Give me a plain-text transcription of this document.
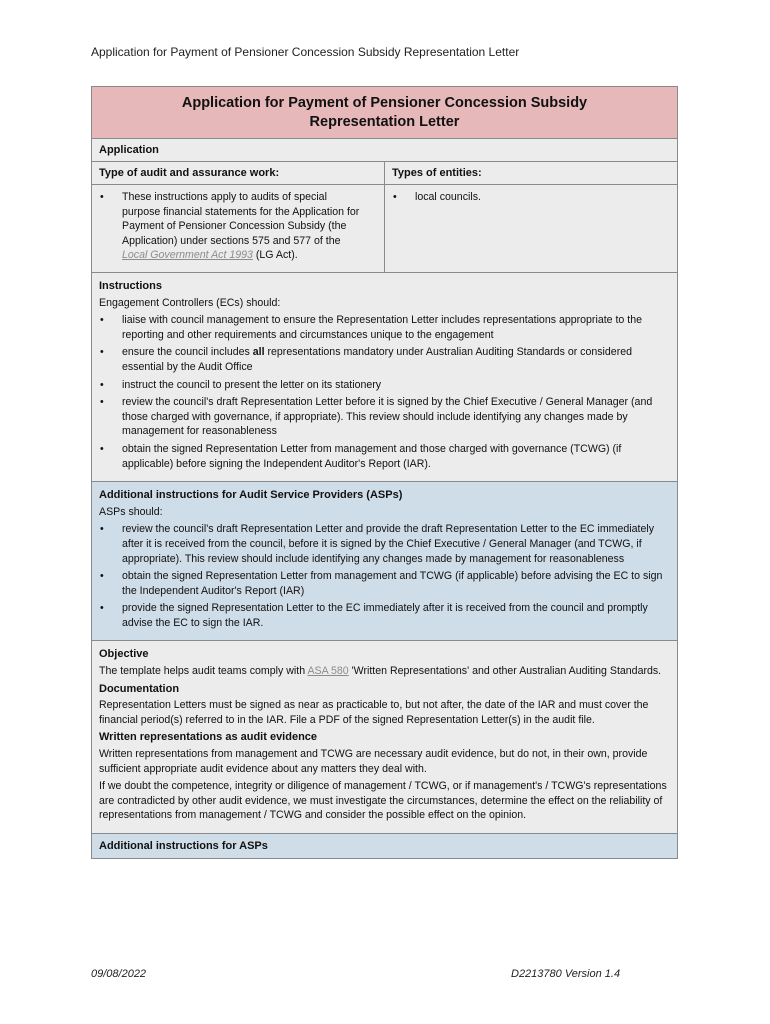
Application for Payment of Pensioner Concession Subsidy Representation Letter
Application for Payment of Pensioner Concession Subsidy
Representation Letter
Application
Type of audit and assurance work:	Types of entities:
• These instructions apply to audits of special purpose financial statements for the Application for Payment of Pensioner Concession Subsidy (the Application) under sections 575 and 577 of the Local Government Act 1993 (LG Act).
• local councils.
Instructions

Engagement Controllers (ECs) should:

• liaise with council management to ensure the Representation Letter includes representations appropriate to the reporting and other requirements and circumstances unique to the engagement
• ensure the council includes all representations mandatory under Australian Auditing Standards or considered essential by the Audit Office
• instruct the council to present the letter on its stationery
• review the council's draft Representation Letter before it is signed by the Chief Executive / General Manager (and those charged with governance, if appropriate). This review should include identifying any changes made by management for reasonableness
• obtain the signed Representation Letter from management and those charged with governance (TCWG) (if applicable) before signing the Independent Auditor's Report (IAR).
Additional instructions for Audit Service Providers (ASPs)

ASPs should:

• review the council's draft Representation Letter and provide the draft Representation Letter to the EC immediately after it is received from the council, before it is signed by the Chief Executive / General Manager (and TCWG, if appropriate). This review should include identifying any changes made by management for reasonableness
• obtain the signed Representation Letter from management and TCWG (if applicable) before advising the EC to sign the Independent Auditor's Report (IAR)
• provide the signed Representation Letter to the EC immediately after it is received from the council and promptly advise the EC to sign the IAR.
Objective

The template helps audit teams comply with ASA 580 'Written Representations' and other Australian Auditing Standards.

Documentation

Representation Letters must be signed as near as practicable to, but not after, the date of the IAR and must cover the financial period(s) referred to in the IAR. File a PDF of the signed Representation Letter(s) in the audit file.

Written representations as audit evidence

Written representations from management and TCWG are necessary audit evidence, but do not, in their own, provide sufficient appropriate audit evidence about any matters they deal with.

If we doubt the competence, integrity or diligence of management / TCWG, or if management's / TCWG's representations are contradicted by other audit evidence, we must investigate the circumstances, determine the effect on the reliability of representations from management / TCWG and consider the possible effect on the opinion.

Additional instructions for ASPs
09/08/2022	D2213780 Version 1.4
